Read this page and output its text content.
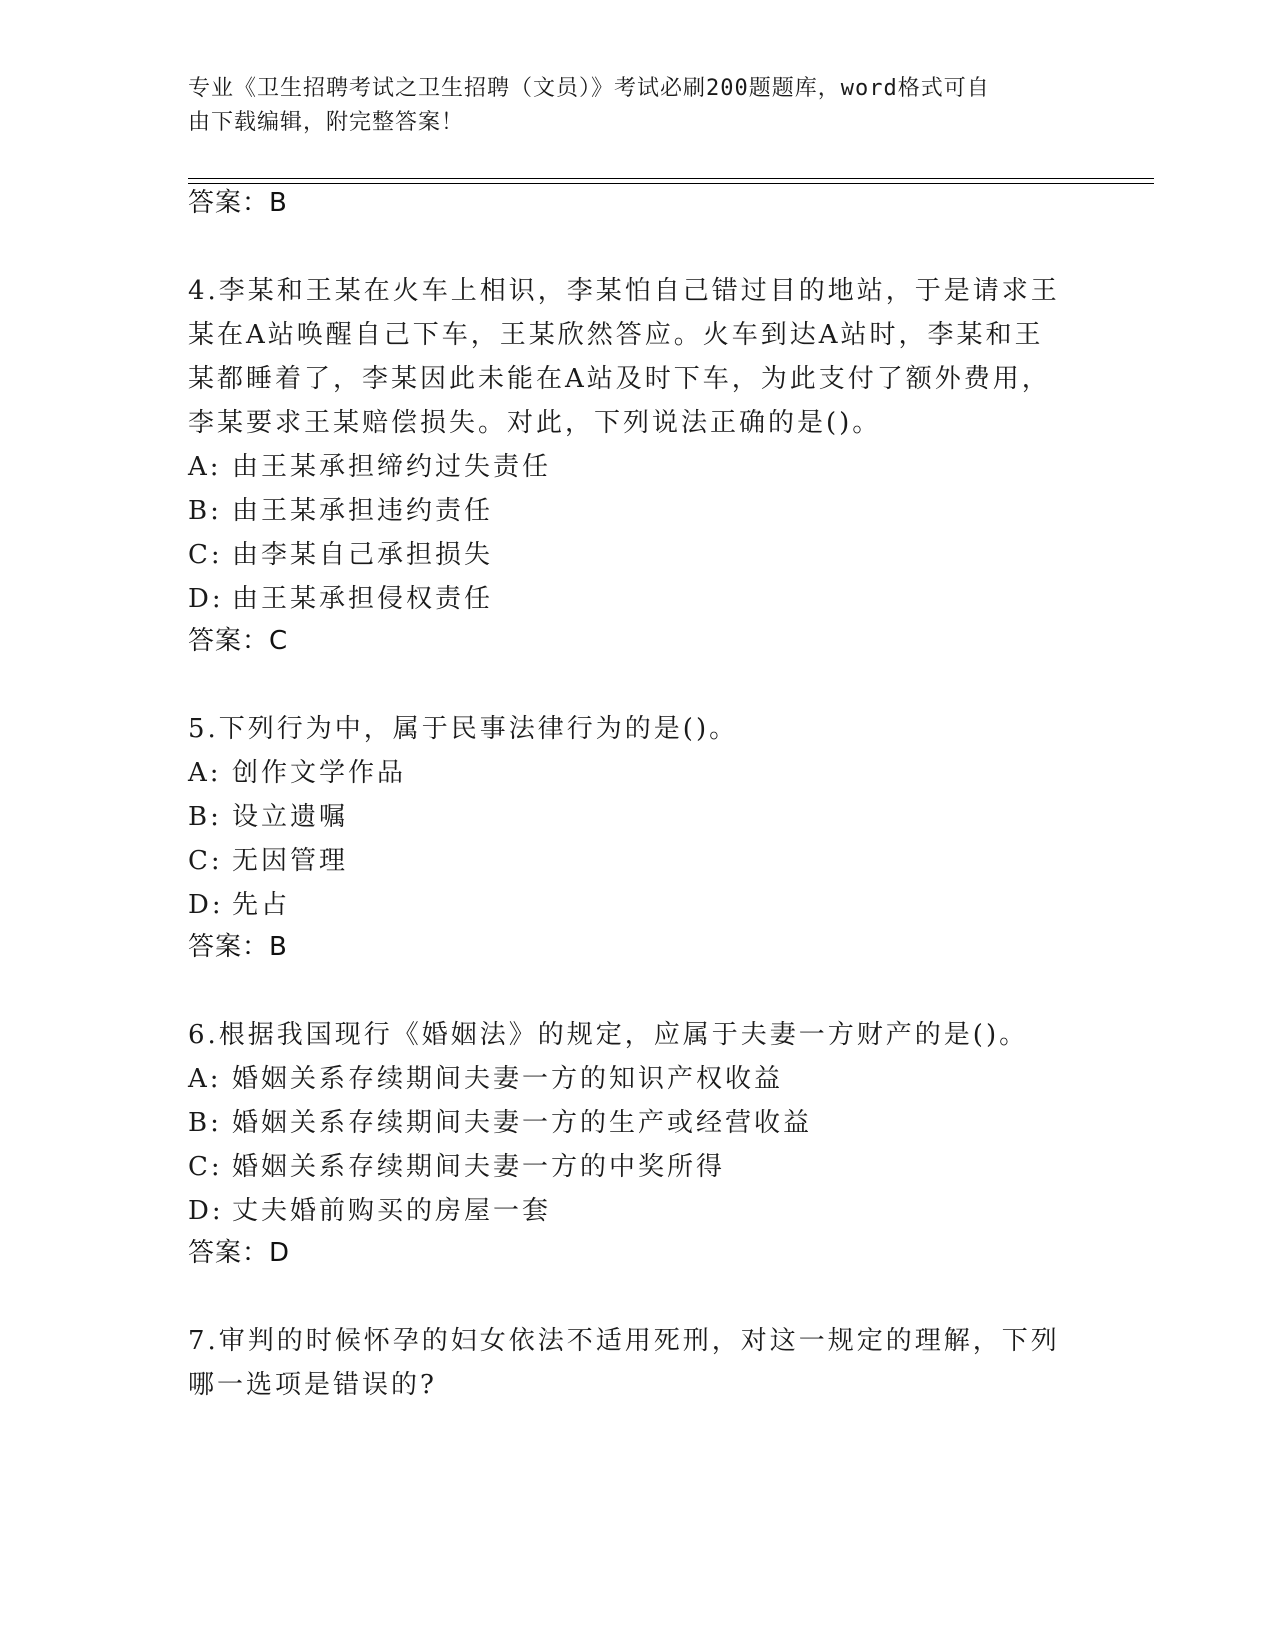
专业《卫生招聘考试之卫生招聘（文员）》考试必刷200题题库，word格式可自
由下载编辑，附完整答案！
答案：B
4.李某和王某在火车上相识，李某怕自己错过目的地站，于是请求王
某在A站唤醒自己下车，王某欣然答应。火车到达A站时，李某和王
某都睡着了，李某因此未能在A站及时下车，为此支付了额外费用，
李某要求王某赔偿损失。对此，下列说法正确的是()。
A: 由王某承担缔约过失责任
B: 由王某承担违约责任
C: 由李某自己承担损失
D: 由王某承担侵权责任
答案：C
5.下列行为中，属于民事法律行为的是()。
A: 创作文学作品
B: 设立遗嘱
C: 无因管理
D: 先占
答案：B
6.根据我国现行《婚姻法》的规定，应属于夫妻一方财产的是()。
A: 婚姻关系存续期间夫妻一方的知识产权收益
B: 婚姻关系存续期间夫妻一方的生产或经营收益
C: 婚姻关系存续期间夫妻一方的中奖所得
D: 丈夫婚前购买的房屋一套
答案：D
7.审判的时候怀孕的妇女依法不适用死刑，对这一规定的理解，下列
哪一选项是错误的?
